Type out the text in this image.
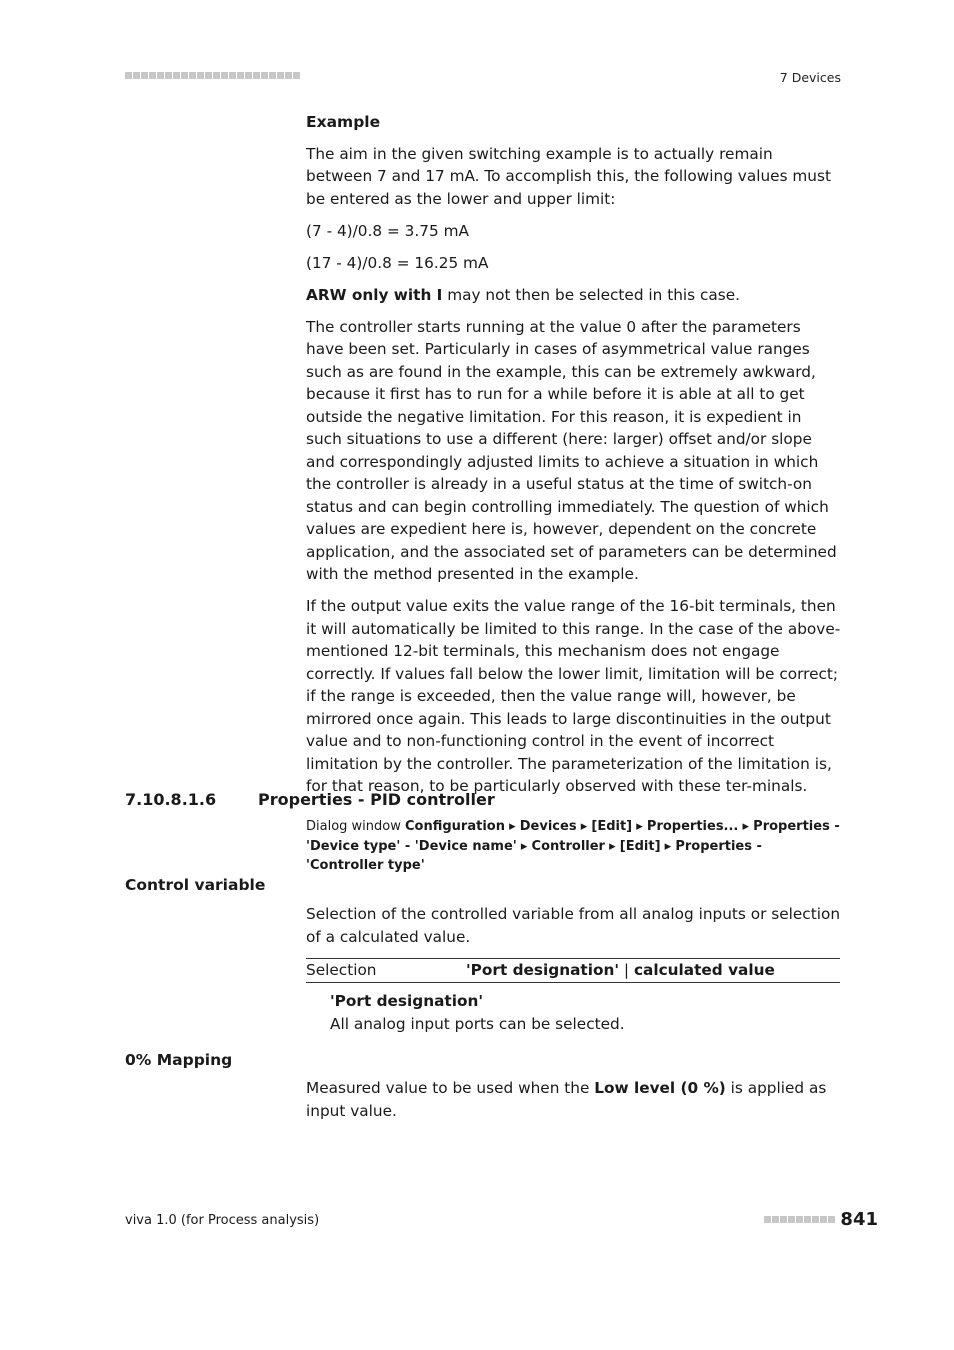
7 Devices
Example

The aim in the given switching example is to actually remain between 7 and 17 mA. To accomplish this, the following values must be entered as the lower and upper limit:

(7 - 4)/0.8 = 3.75 mA

(17 - 4)/0.8 = 16.25 mA

ARW only with I may not then be selected in this case.

The controller starts running at the value 0 after the parameters have been set. Particularly in cases of asymmetrical value ranges such as are found in the example, this can be extremely awkward, because it first has to run for a while before it is able at all to get outside the negative limitation. For this reason, it is expedient in such situations to use a different (here: larger) offset and/or slope and correspondingly adjusted limits to achieve a situation in which the controller is already in a useful status at the time of switch-on status and can begin controlling immediately. The question of which values are expedient here is, however, dependent on the concrete application, and the associated set of parameters can be determined with the method presented in the example.

If the output value exits the value range of the 16-bit terminals, then it will automatically be limited to this range. In the case of the above-mentioned 12-bit terminals, this mechanism does not engage correctly. If values fall below the lower limit, limitation will be correct; if the range is exceeded, then the value range will, however, be mirrored once again. This leads to large discontinuities in the output value and to non-functioning control in the event of incorrect limitation by the controller. The parameterization of the limitation is, for that reason, to be particularly observed with these ter-minals.

7.10.8.1.6	Properties - PID controller
Dialog window Configuration ▸ Devices ▸ [Edit] ▸ Properties... ▸ Properties - 'Device type' - 'Device name' ▸ Controller ▸ [Edit] ▸ Properties - 'Controller type'
Control variable

Selection of the controlled variable from all analog inputs or selection of a calculated value.

Selection	'Port designation' | calculated value
'Port designation'
All analog input ports can be selected.
0% Mapping

Measured value to be used when the Low level (0 %) is applied as input value.

viva 1.0 (for Process analysis)	841
